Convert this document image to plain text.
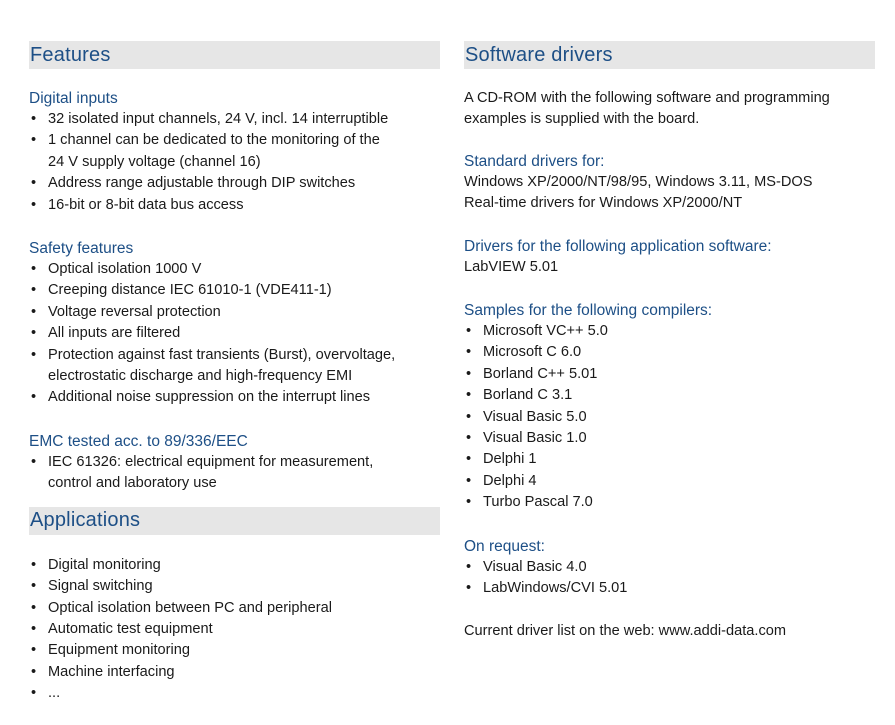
Features

Digital inputs

• 32 isolated input channels, 24 V, incl. 14 interruptible
• 1 channel can be dedicated to the monitoring of the
24 V supply voltage (channel 16)
• Address range adjustable through DIP switches
• 16-bit or 8-bit data bus access

Safety features

• Optical isolation 1000 V
• Creeping distance IEC 61010-1 (VDE411-1)
• Voltage reversal protection
• All inputs are filtered
• Protection against fast transients (Burst), overvoltage,
electrostatic discharge and high-frequency EMI
• Additional noise suppression on the interrupt lines

EMC tested acc. to 89/336/EEC

• IEC 61326: electrical equipment for measurement,
control and laboratory use
Applications
• Digital monitoring
• Signal switching
• Optical isolation between PC and peripheral
• Automatic test equipment
• Equipment monitoring
• Machine interfacing
• ...
Software drivers

A CD-ROM with the following software and programming

examples is supplied with the board.

Standard drivers for:

Windows XP/2000/NT/98/95, Windows 3.11, MS-DOS

Real-time drivers for Windows XP/2000/NT

Drivers for the following application software:

LabVIEW 5.01

Samples for the following compilers:

• Microsoft VC++ 5.0
• Microsoft C 6.0
• Borland C++ 5.01
• Borland C 3.1
• Visual Basic 5.0
• Visual Basic 1.0
• Delphi 1
• Delphi 4
• Turbo Pascal 7.0

On request:

• Visual Basic 4.0
• LabWindows/CVI 5.01

Current driver list on the web: www.addi-data.com
